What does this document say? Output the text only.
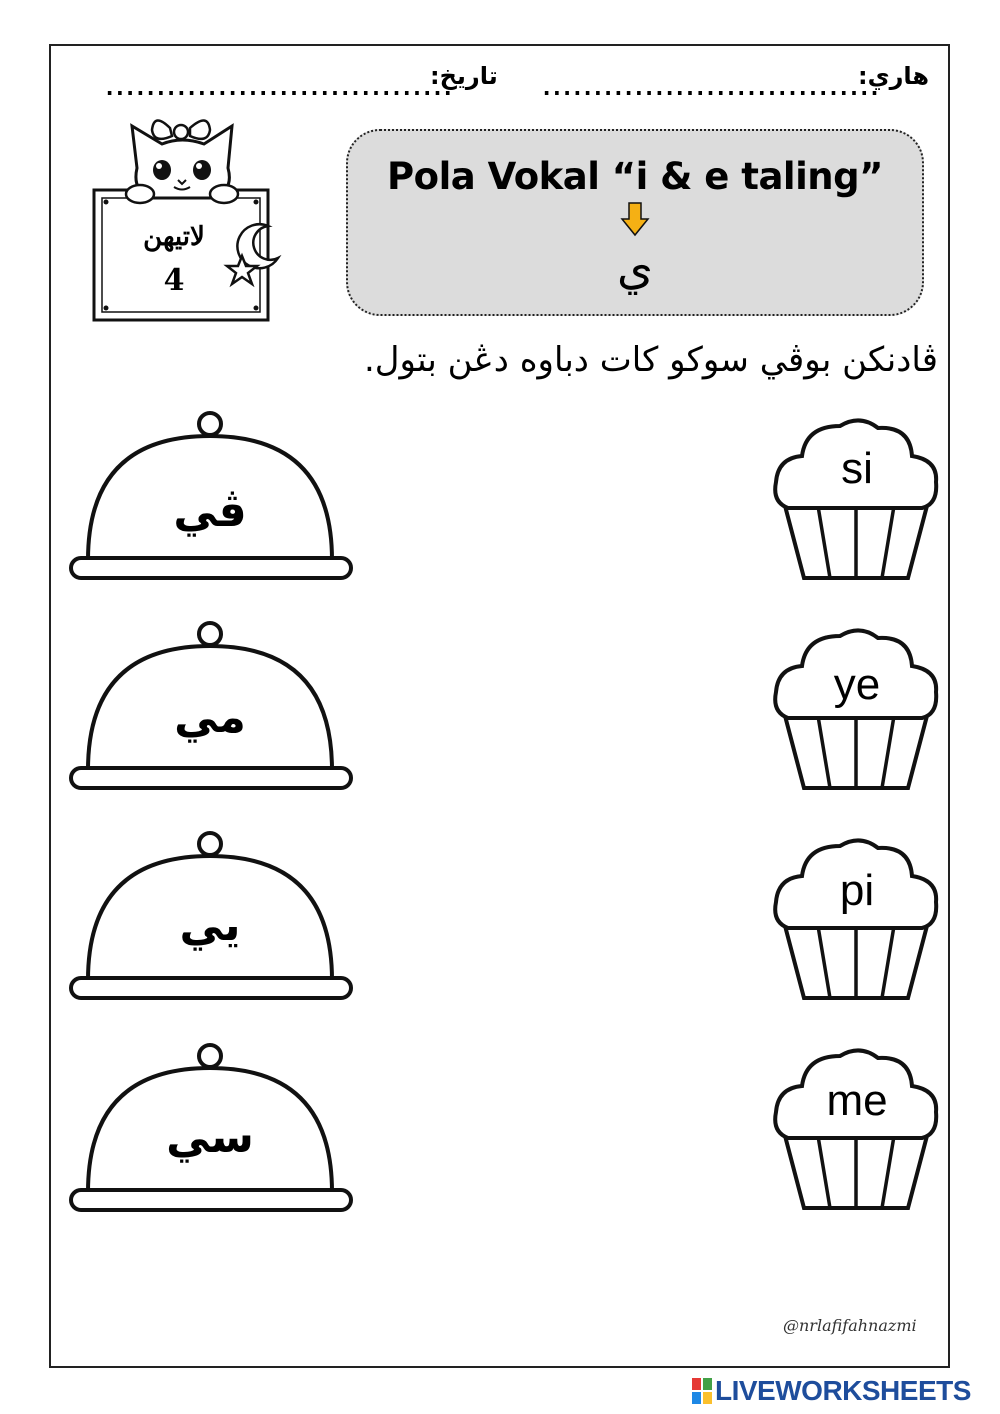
هاري:
.................................
تاريخ:
..................................
لاتيهن
4
Pola Vokal “i & e taling”
ي
ڤادنكن بوڤي سوكو كات دباوه دڠن بتول.
ڤي
مي
يي
سي
si
ye
pi
me
@nrlafifahnazmi
LIVEWORKSHEETS
